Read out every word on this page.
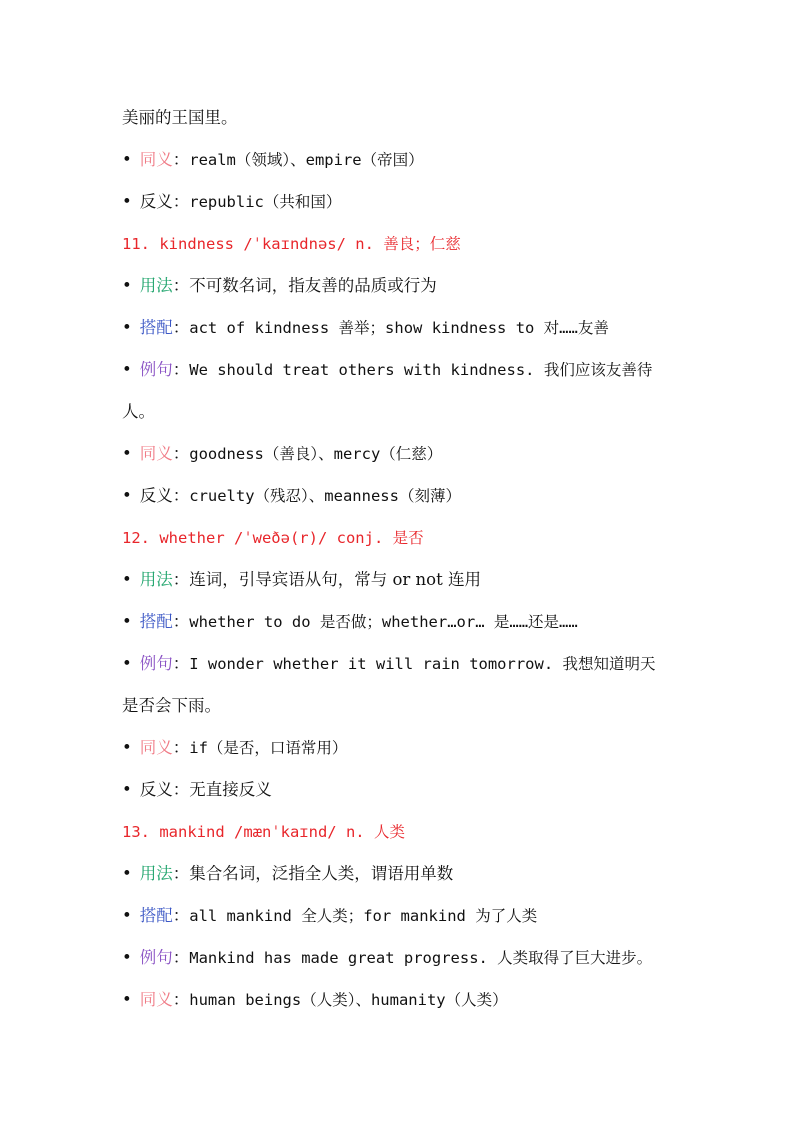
美丽的王国里。
• 同义：realm（领域）、empire（帝国）
• 反义：republic（共和国）
11. kindness /ˈkaɪndnəs/ n. 善良；仁慈
• 用法：不可数名词，指友善的品质或行为
• 搭配：act of kindness 善举；show kindness to 对……友善
• 例句：We should treat others with kindness. 我们应该友善待
人。
• 同义：goodness（善良）、mercy（仁慈）
• 反义：cruelty（残忍）、meanness（刻薄）
12. whether /ˈweðə(r)/ conj. 是否
• 用法：连词，引导宾语从句，常与 or not 连用
• 搭配：whether to do 是否做；whether…or… 是……还是……
• 例句：I wonder whether it will rain tomorrow. 我想知道明天
是否会下雨。
• 同义：if（是否，口语常用）
• 反义：无直接反义
13. mankind /mænˈkaɪnd/ n. 人类
• 用法：集合名词，泛指全人类，谓语用单数
• 搭配：all mankind 全人类；for mankind 为了人类
• 例句：Mankind has made great progress. 人类取得了巨大进步。
• 同义：human beings（人类）、humanity（人类）
